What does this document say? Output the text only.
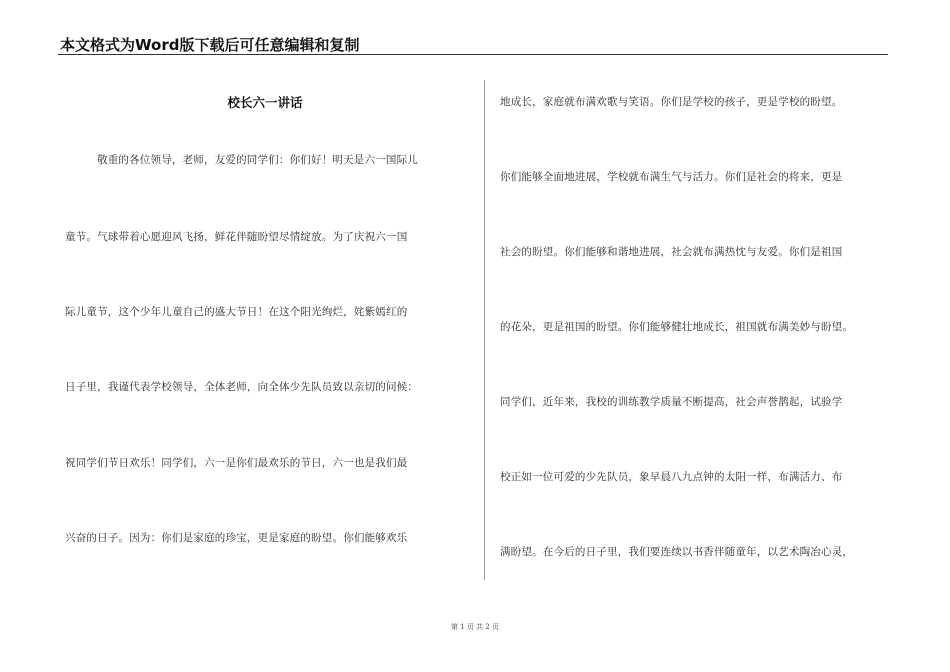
本文格式为Word版下载后可任意编辑和复制
校长六一讲话
敬重的各位领导，老师，友爱的同学们：你们好！明天是六一国际儿
童节。气球带着心愿迎风飞扬，鲜花伴随盼望尽情绽放。为了庆祝六一国
际儿童节，这个少年儿童自己的盛大节日！在这个阳光绚烂，姹紫嫣红的
日子里，我谨代表学校领导，全体老师，向全体少先队员致以亲切的问候：
祝同学们节日欢乐！同学们，六一是你们最欢乐的节日，六一也是我们最
兴奋的日子。因为：你们是家庭的珍宝，更是家庭的盼望。你们能够欢乐
地成长，家庭就布满欢歌与笑语。你们是学校的孩子，更是学校的盼望。
你们能够全面地进展，学校就布满生气与活力。你们是社会的将来，更是
社会的盼望。你们能够和谐地进展，社会就布满热忱与友爱。你们是祖国
的花朵，更是祖国的盼望。你们能够健壮地成长，祖国就布满美妙与盼望。
同学们，近年来，我校的训练教学质量不断提高，社会声誉鹊起，试验学
校正如一位可爱的少先队员，象早晨八九点钟的太阳一样，布满活力、布
满盼望。在今后的日子里，我们要连续以书香伴随童年，以艺术陶冶心灵，
第 1 页 共 2 页
